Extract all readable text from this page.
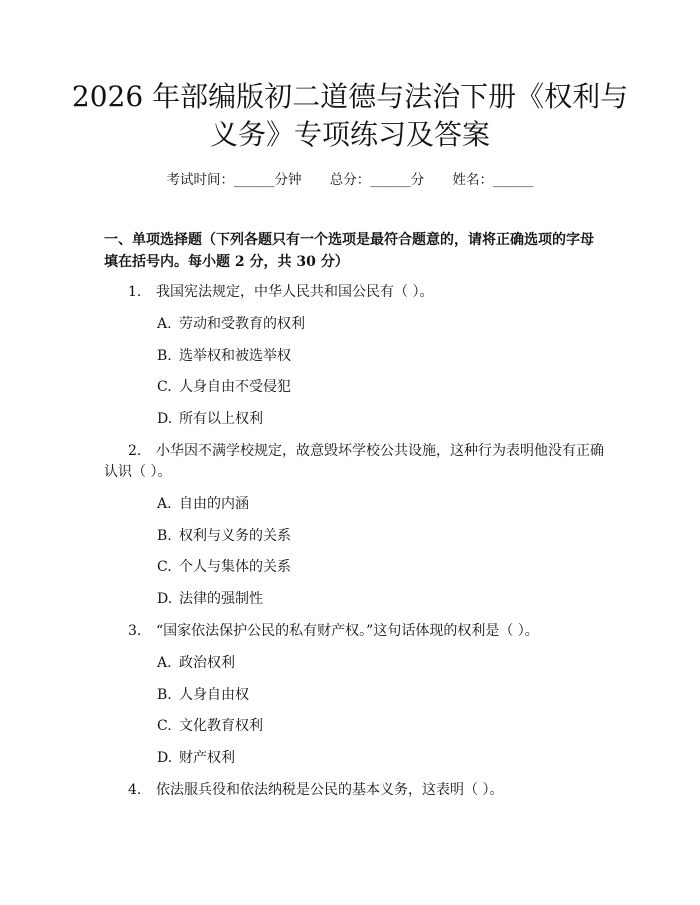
2026 年部编版初二道德与法治下册《权利与
义务》专项练习及答案
考试时间：______分钟 总分：______分 姓名：______
一、单项选择题（下列各题只有一个选项是最符合题意的，请将正确选项的字母填在括号内。每小题 2 分，共 30 分）
1. 我国宪法规定，中华人民共和国公民有（ ）。
A. 劳动和受教育的权利
B. 选举权和被选举权
C. 人身自由不受侵犯
D. 所有以上权利
2. 小华因不满学校规定，故意毁坏学校公共设施，这种行为表明他没有正确
认识（ ）。
A. 自由的内涵
B. 权利与义务的关系
C. 个人与集体的关系
D. 法律的强制性
3. “国家依法保护公民的私有财产权。”这句话体现的权利是（ ）。
A. 政治权利
B. 人身自由权
C. 文化教育权利
D. 财产权利
4. 依法服兵役和依法纳税是公民的基本义务，这表明（ ）。
